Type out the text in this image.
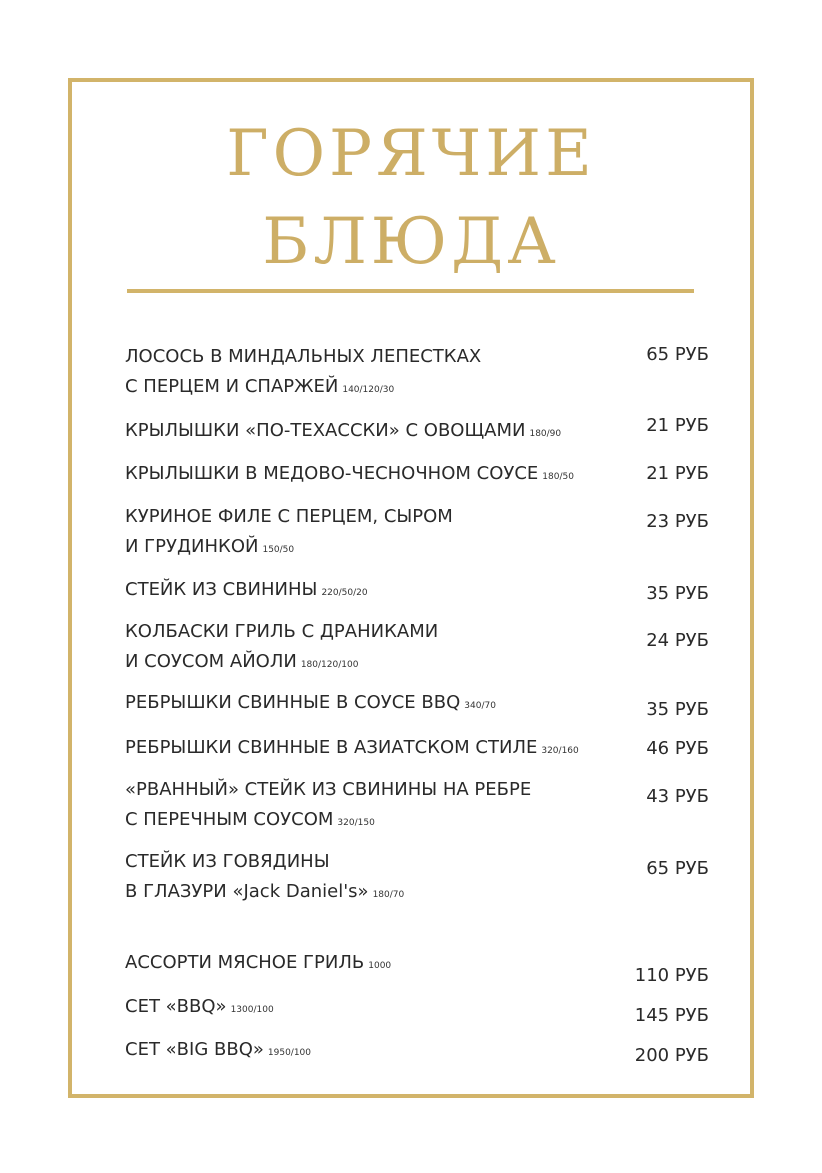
ГОРЯЧИЕ
БЛЮДА
ЛОСОСЬ В МИНДАЛЬНЫХ ЛЕПЕСТКАХ
С ПЕРЦЕМ И СПАРЖЕЙ 140/120/30
65 РУБ
КРЫЛЫШКИ «ПО-ТЕХАССКИ» С ОВОЩАМИ 180/90	21 РУБ
КРЫЛЫШКИ В МЕДОВО-ЧЕСНОЧНОМ СОУСЕ 180/50	21 РУБ
КУРИНОЕ ФИЛЕ С ПЕРЦЕМ, СЫРОМ
И ГРУДИНКОЙ 150/50
23 РУБ
СТЕЙК ИЗ СВИНИНЫ 220/50/20	35 РУБ
КОЛБАСКИ ГРИЛЬ С ДРАНИКАМИ
И СОУСОМ АЙОЛИ 180/120/100
24 РУБ
РЕБРЫШКИ СВИННЫЕ В СОУСЕ BBQ 340/70	35 РУБ
РЕБРЫШКИ СВИННЫЕ В АЗИАТСКОМ СТИЛЕ 320/160	46 РУБ
«РВАННЫЙ» СТЕЙК ИЗ СВИНИНЫ НА РЕБРЕ
С ПЕРЕЧНЫМ СОУСОМ 320/150
43 РУБ
СТЕЙК ИЗ ГОВЯДИНЫ
В ГЛАЗУРИ «Jack Daniel's» 180/70
65 РУБ
АССОРТИ МЯСНОЕ ГРИЛЬ 1000	110 РУБ
СЕТ «BBQ» 1300/100	145 РУБ
СЕТ «BIG BBQ» 1950/100	200 РУБ
